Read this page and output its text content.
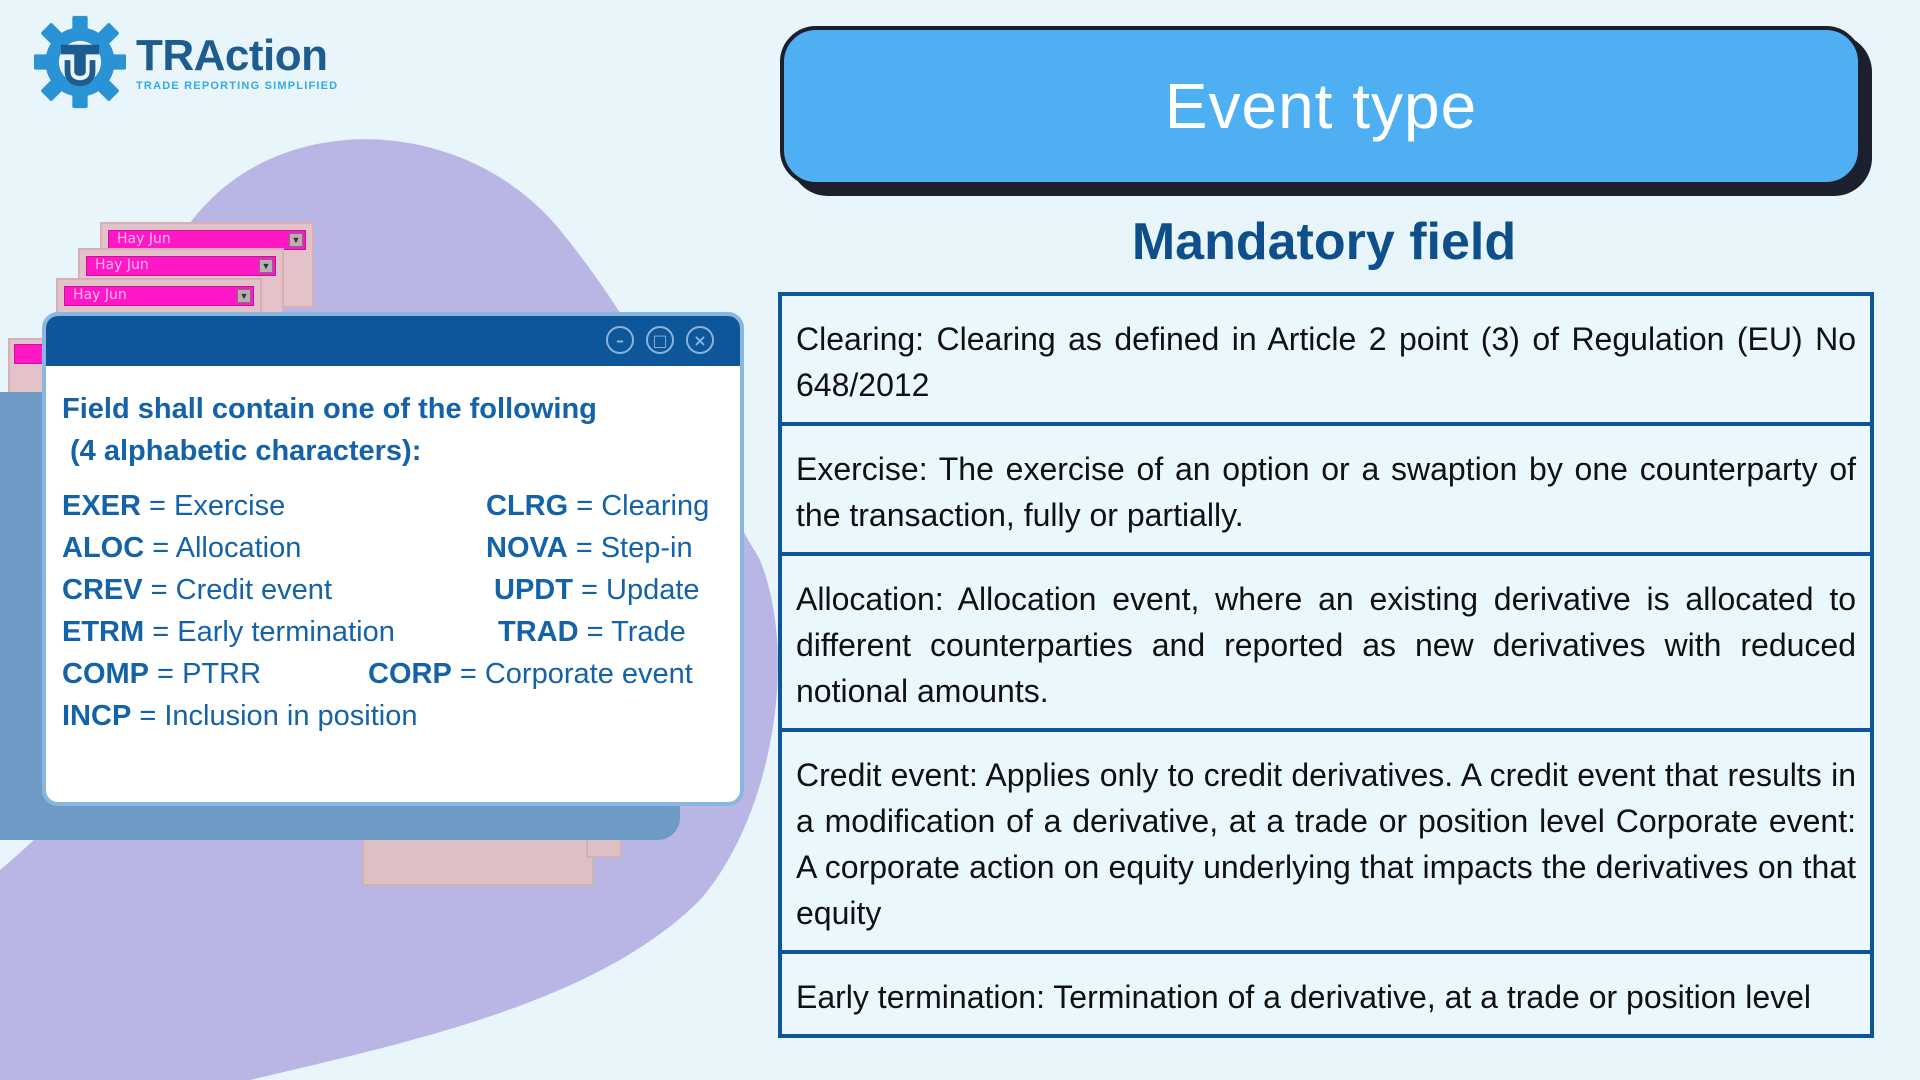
TRAction
TRADE REPORTING SIMPLIFIED
Hay Jun	▼
Hay Jun	▼
Hay Jun	▼
–	□	×
Field shall contain one of the following
(4 alphabetic characters):
EXER = Exercise	CLRG = Clearing
ALOC = Allocation	NOVA = Step-in
CREV = Credit event	UPDT = Update
ETRM = Early termination	TRAD = Trade
COMP = PTRR	CORP = Corporate event
INCP = Inclusion in position
Event type
Mandatory field
Clearing: Clearing as defined in Article 2 point (3) of Regulation (EU) No 648/2012
Exercise: The exercise of an option or a swaption by one counterparty of the transaction, fully or partially.
Allocation: Allocation event, where an existing derivative is allocated to different counterparties and reported as new derivatives with reduced notional amounts.
Credit event: Applies only to credit derivatives. A credit event that results in a modification of a derivative, at a trade or position level Corporate event: A corporate action on equity underlying that impacts the derivatives on that equity
Early termination: Termination of a derivative, at a trade or position level
